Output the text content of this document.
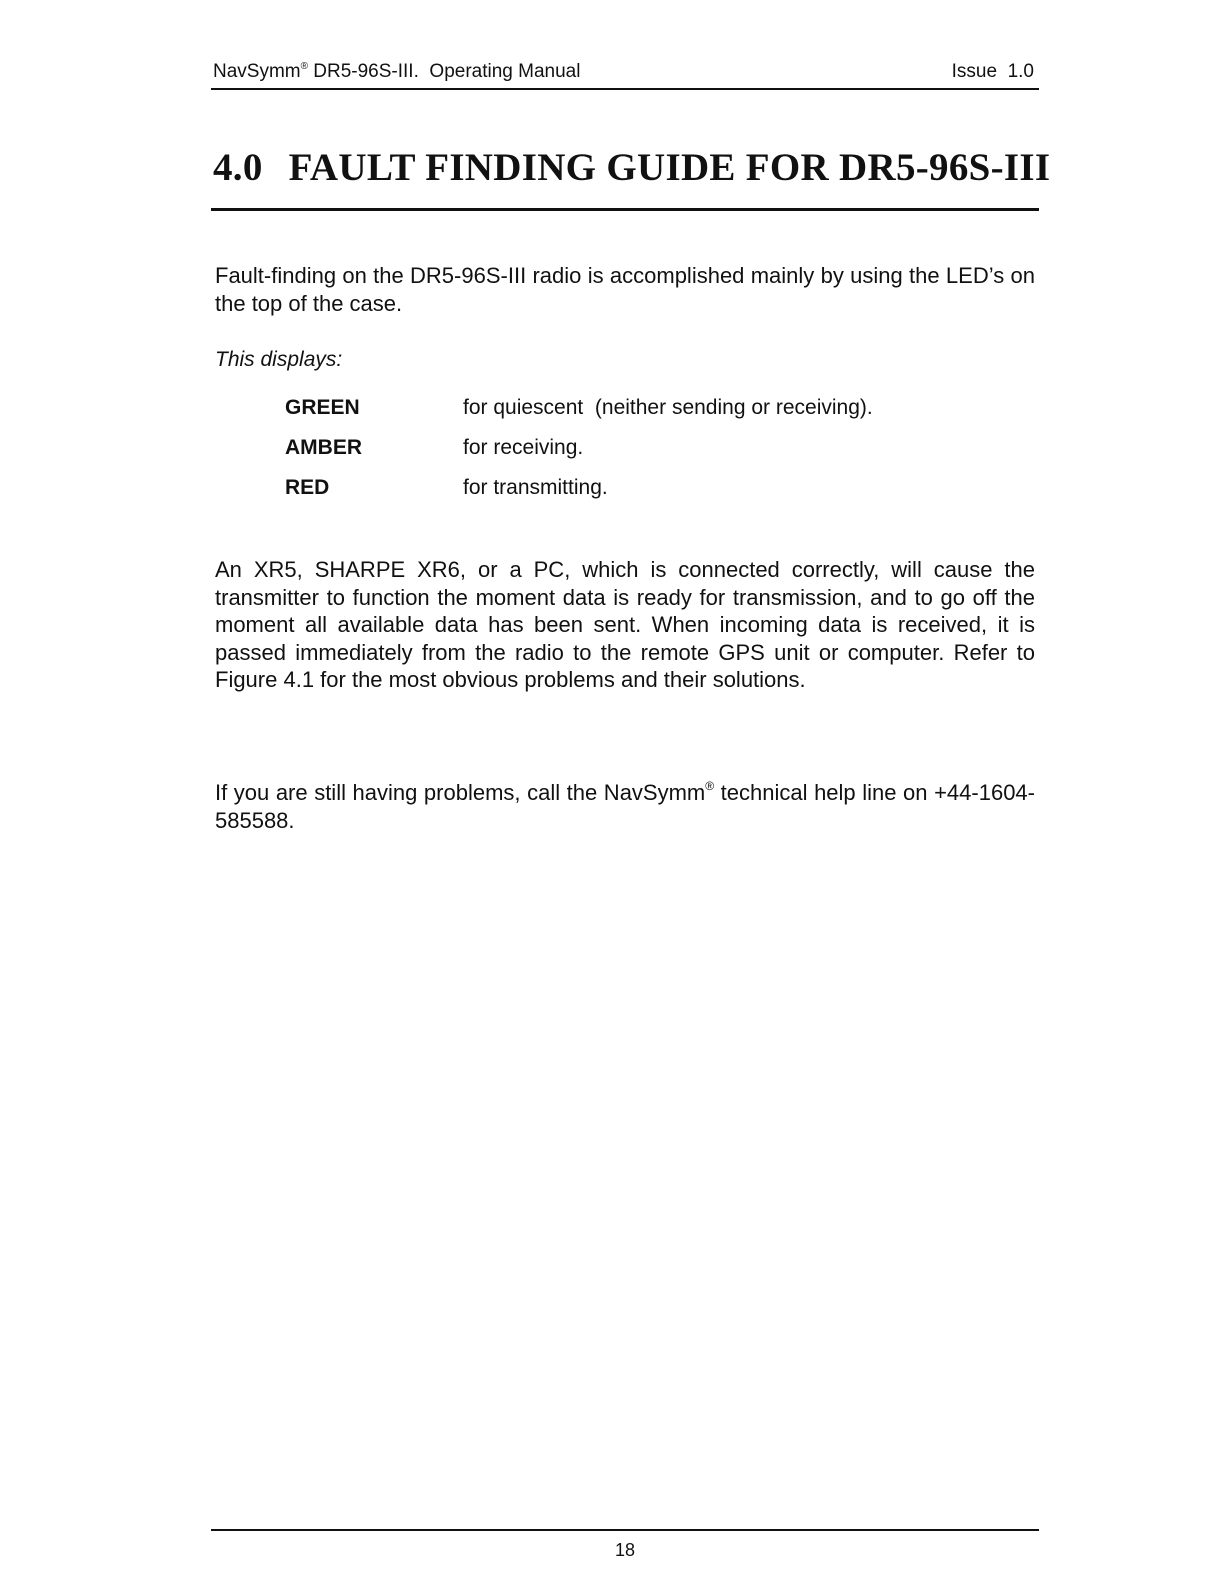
NavSymm® DR5-96S-III.  Operating Manual	Issue  1.0
4.0 FAULT FINDING GUIDE FOR DR5-96S-III

Fault-finding on the DR5-96S-III radio is accomplished mainly by using the LED’s on the top of the case.

This displays:
GREEN	for quiescent  (neither sending or receiving).
AMBER	for receiving.
RED	for transmitting.

An XR5, SHARPE XR6, or a PC, which is connected correctly, will cause the transmitter to function the moment data is ready for transmission, and to go off the moment all available data has been sent. When incoming data is received, it is passed immediately from the radio to the remote GPS unit or computer. Refer to Figure 4.1 for the most obvious problems and their solutions.

If you are still having problems, call the NavSymm® technical help line on +44-1604-585588.

18
